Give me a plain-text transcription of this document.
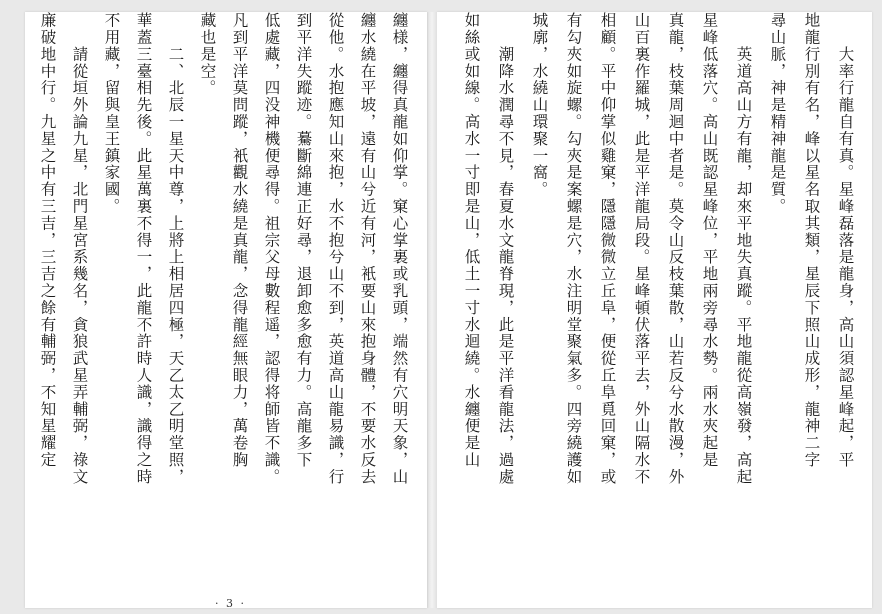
　　大率行龍自有真。星峰磊落是龍身，高山須認星峰起，平
地龍行別有名，峰以星名取其類，星辰下照山成形，龍神二字
尋山脈，神是精神龍是質。
　　英道高山方有龍，却來平地失真蹤。平地龍從高嶺發，高起
星峰低落穴。高山既認星峰位，平地兩旁尋水勢。兩水夾起是
真龍，枝葉周迴中者是。莫令山反枝葉散，山若反兮水散漫，外
山百裏作羅城，此是平洋龍局段。星峰頓伏落平去，外山隔水不
相顧。平中仰掌似雞窠，隱隱微微立丘阜，便從丘阜覓回窠，或
有勾夾如旋螺。勾夾是案螺是穴，水注明堂聚氣多。四旁繞護如
城廓，水繞山環聚一窩。
　　潮降水潤尋不見，春夏水文龍脊現，此是平洋看龍法，過處
如絲或如線。高水一寸即是山，低土一寸水迴繞。水纏便是山
纏様，纏得真龍如仰掌。窠心掌裏或乳頭，端然有穴明天象，山
纏水繞在平坡，遠有山兮近有河，衹要山來抱身體，不要水反去
從他。水抱應知山來抱，水不抱兮山不到，英道高山龍易識，行
到平洋失蹤迹。驀斷綿連正好尋，退卸愈多愈有力。高龍多下
低處藏，四没神機便尋得。祖宗父母數程遥，認得将師皆不識。
凡到平洋莫問蹤，衹觀水繞是真龍，念得龍經無眼力，萬卷胸
藏也是空。
　　二、北辰一星天中尊，上將上相居四極，天乙太乙明堂照，
華蓋三臺相先後。此星萬裏不得一，此龍不許時人識，識得之時
不用藏，留與皇王鎮家國。
　　請從垣外論九星，北門星宮系幾名，貪狼武星弄輔弼，祿文
廉破地中行。九星之中有三吉，三吉之餘有輔弼，不知星耀定
· 3 ·
